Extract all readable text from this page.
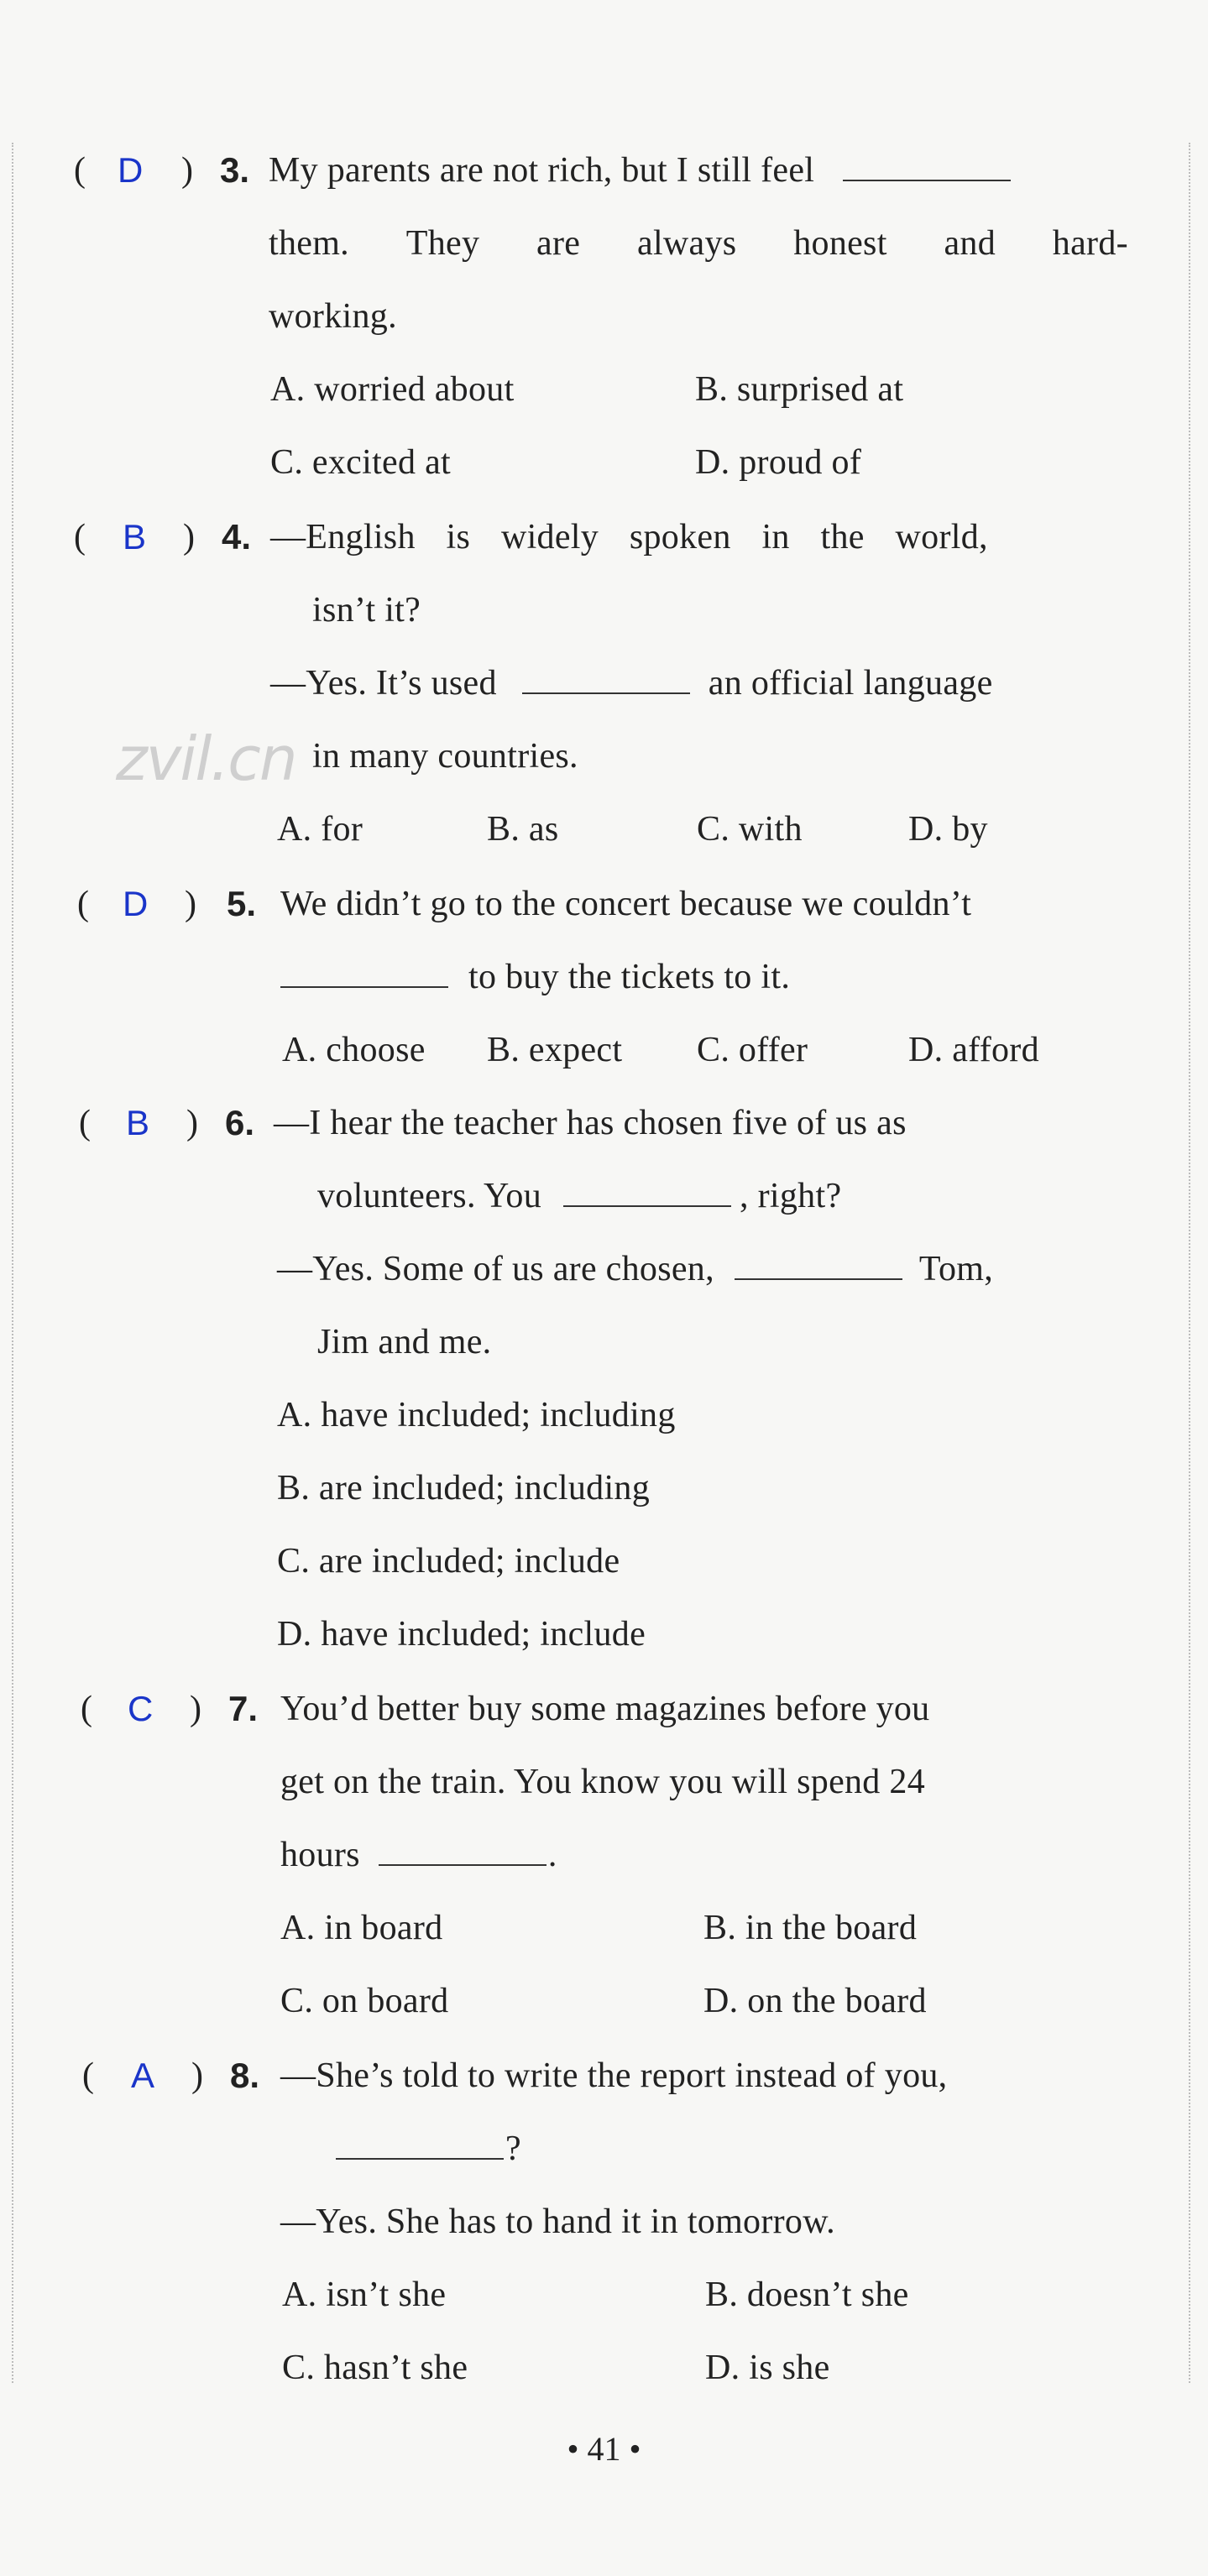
zvil.cn
( D ) 3. My parents are not rich, but I still feel
them. They are always honest and hard-
working.
A. worried about	B. surprised at
C. excited at	D. proud of
( B ) 4. —English is widely spoken in the world,
isn’t it?
—Yes. It’s used	an official language
in many countries.
A. for	B. as	C. with	D. by
( D ) 5. We didn’t go to the concert because we couldn’t
to buy the tickets to it.
A. choose B. expect C. offer	D. afford
( B ) 6. —I hear the teacher has chosen five of us as
volunteers. You	, right?
—Yes. Some of us are chosen,	Tom,
Jim and me.
A. have included; including
B. are included; including
C. are included; include
D. have included; include
( C ) 7. You’d better buy some magazines before you
get on the train. You know you will spend 24
hours	.
A. in board	B. in the board
C. on board	D. on the board
( A ) 8. —She’s told to write the report instead of you,
?
—Yes. She has to hand it in tomorrow.
A. isn’t she	B. doesn’t she
C. hasn’t she	D. is she
• 41 •
